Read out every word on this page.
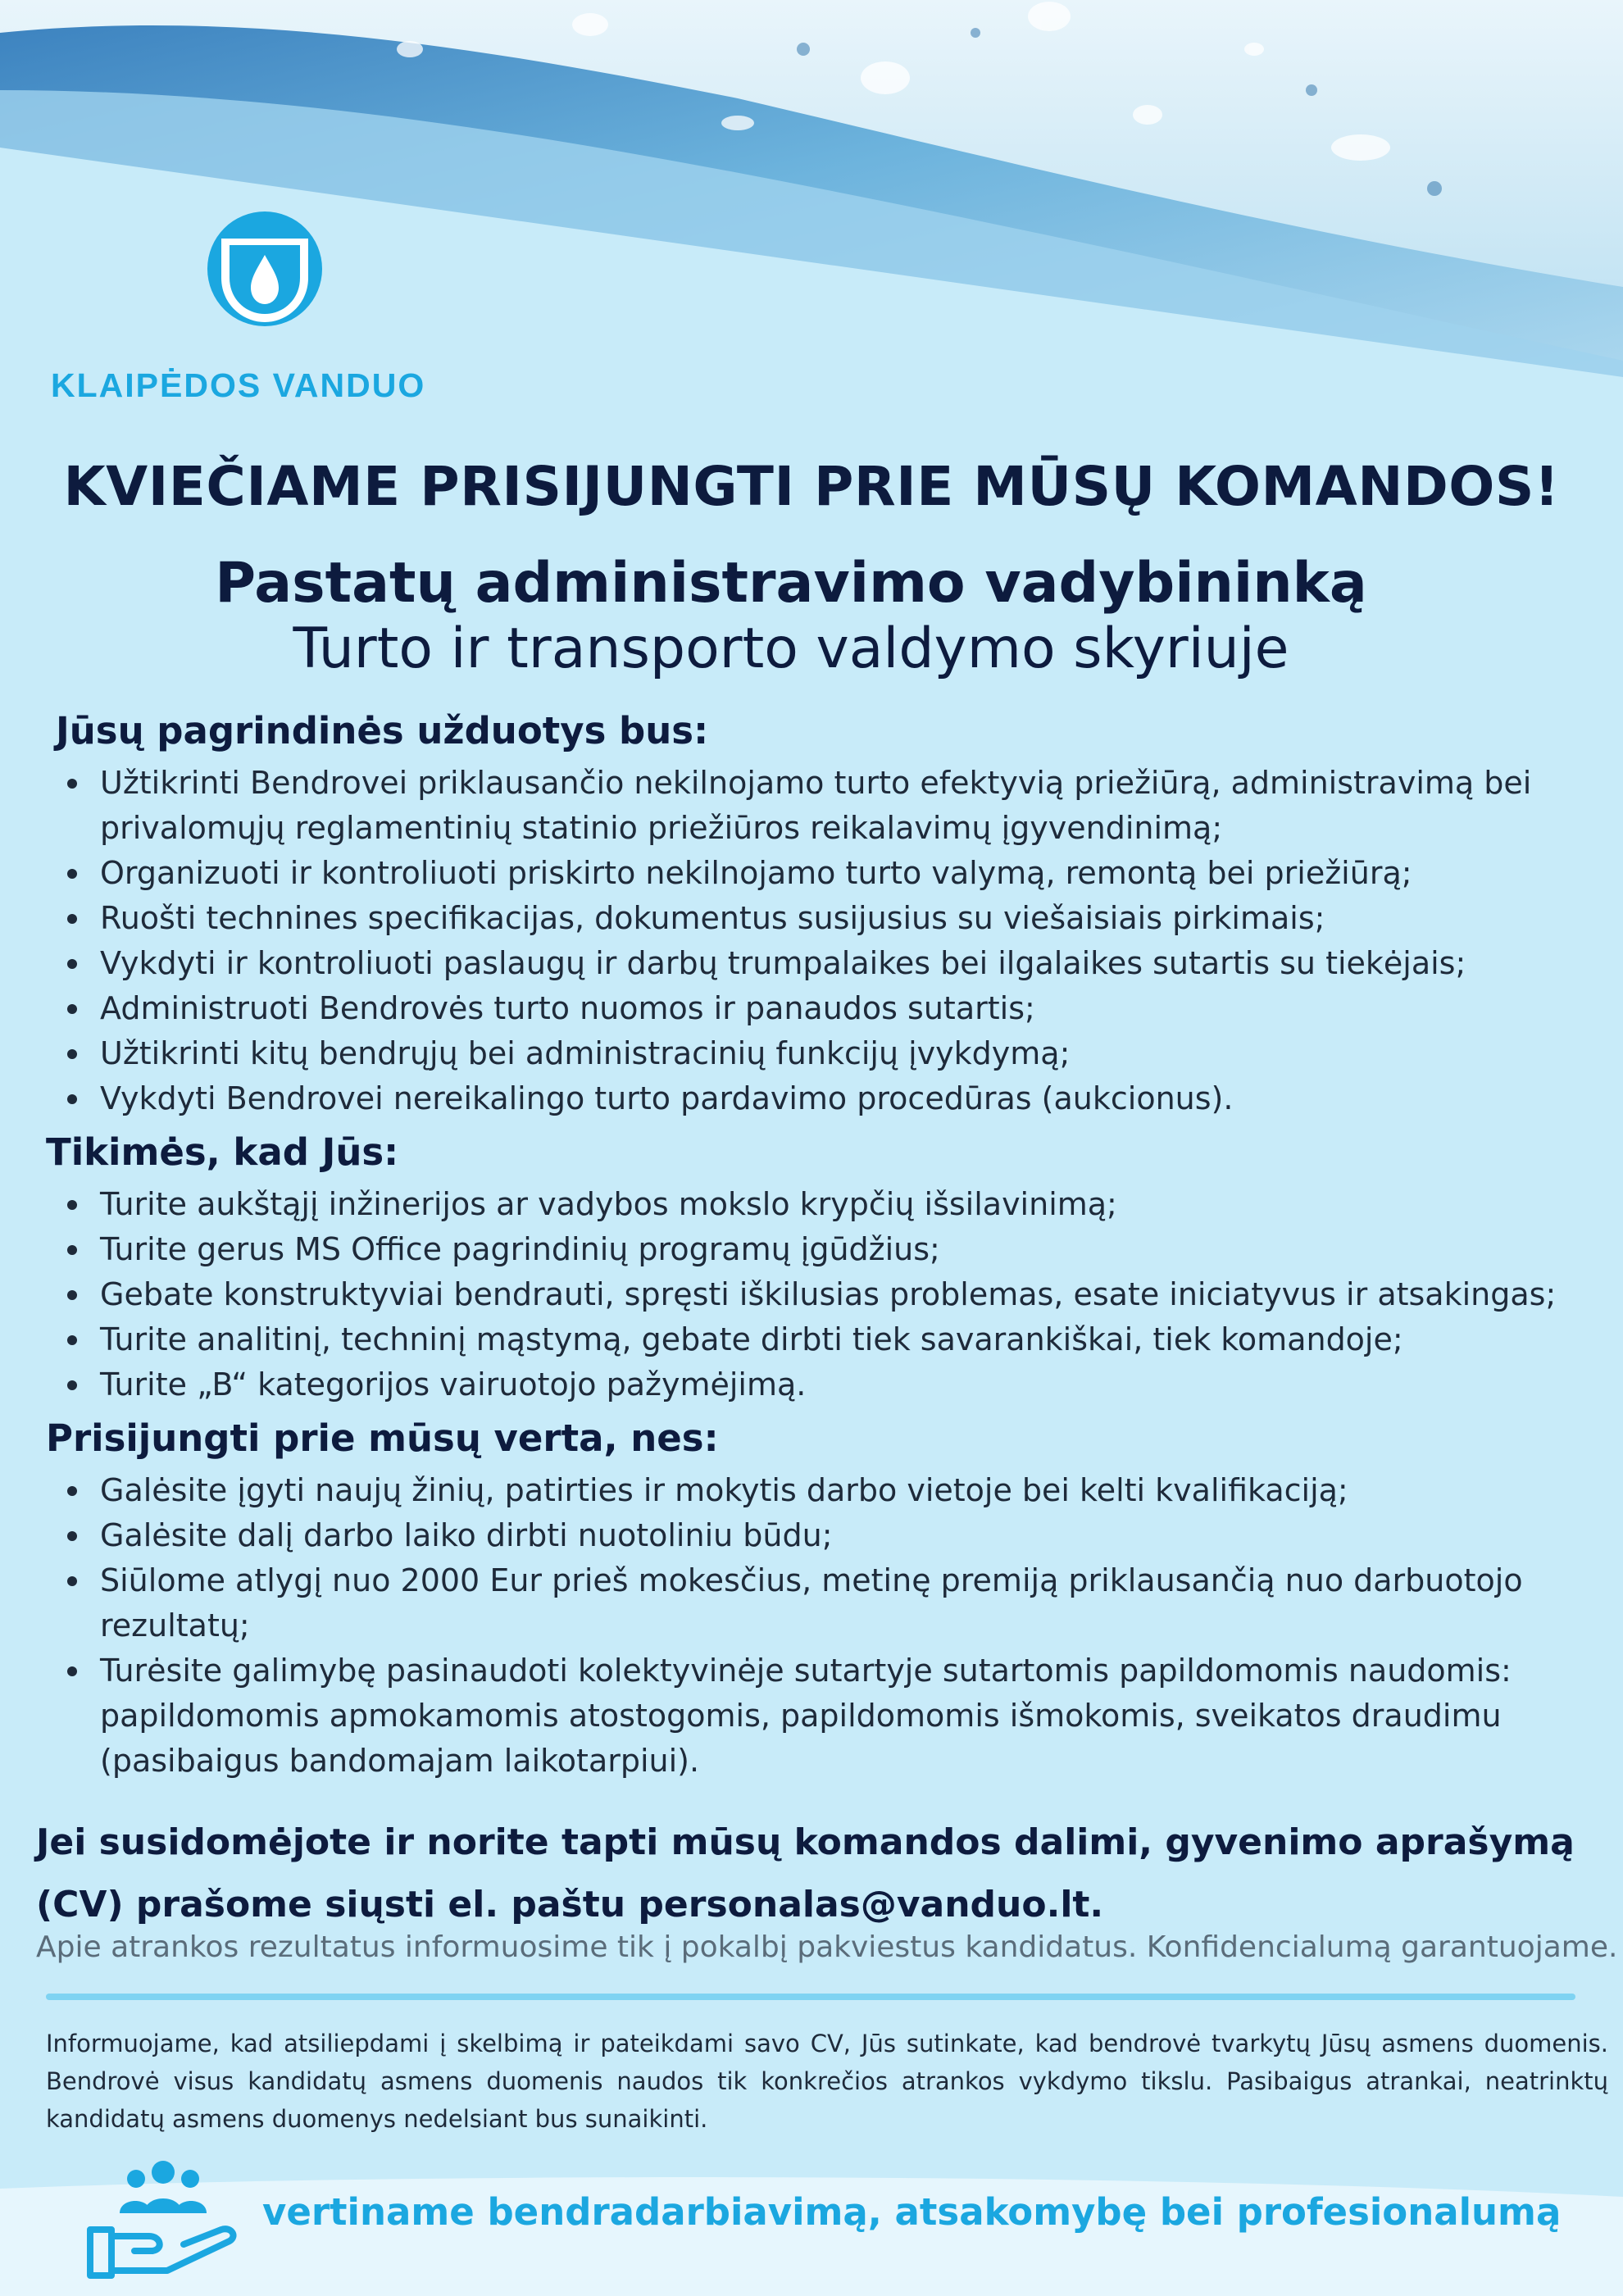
KLAIPĖDOS VANDUO
KVIEČIAME PRISIJUNGTI PRIE MŪSŲ KOMANDOS!
Pastatų administravimo vadybininką
Turto ir transporto valdymo skyriuje
Jūsų pagrindinės užduotys bus:
Užtikrinti Bendrovei priklausančio nekilnojamo turto efektyvią priežiūrą, administravimą bei privalomųjų reglamentinių statinio priežiūros reikalavimų įgyvendinimą;
Organizuoti ir kontroliuoti priskirto nekilnojamo turto valymą, remontą bei priežiūrą;
Ruošti technines specifikacijas, dokumentus susijusius su viešaisiais pirkimais;
Vykdyti ir kontroliuoti paslaugų ir darbų trumpalaikes bei ilgalaikes sutartis su tiekėjais;
Administruoti Bendrovės turto nuomos ir panaudos sutartis;
Užtikrinti kitų bendrųjų bei administracinių funkcijų įvykdymą;
Vykdyti Bendrovei nereikalingo turto pardavimo procedūras (aukcionus).
Tikimės, kad Jūs:
Turite aukštąjį inžinerijos ar vadybos mokslo krypčių išsilavinimą;
Turite gerus MS Office pagrindinių programų įgūdžius;
Gebate konstruktyviai bendrauti, spręsti iškilusias problemas, esate iniciatyvus ir atsakingas;
Turite analitinį, techninį mąstymą, gebate dirbti tiek savarankiškai, tiek komandoje;
Turite „B“ kategorijos vairuotojo pažymėjimą.
Prisijungti prie mūsų verta, nes:
Galėsite įgyti naujų žinių, patirties ir mokytis darbo vietoje bei kelti kvalifikaciją;
Galėsite dalį darbo laiko dirbti nuotoliniu būdu;
Siūlome atlygį nuo 2000 Eur prieš mokesčius, metinę premiją priklausančią nuo darbuotojo rezultatų;
Turėsite galimybę pasinaudoti kolektyvinėje sutartyje sutartomis papildomomis naudomis: papildomomis apmokamomis atostogomis, papildomomis išmokomis, sveikatos draudimu (pasibaigus bandomajam laikotarpiui).
Jei susidomėjote ir norite tapti mūsų komandos dalimi, gyvenimo aprašymą (CV) prašome siųsti el. paštu personalas@vanduo.lt.
Apie atrankos rezultatus informuosime tik į pokalbį pakviestus kandidatus. Konfidencialumą garantuojame.
Informuojame, kad atsiliepdami į skelbimą ir pateikdami savo CV, Jūs sutinkate, kad bendrovė tvarkytų Jūsų asmens duomenis. Bendrovė visus kandidatų asmens duomenis naudos tik konkrečios atrankos vykdymo tikslu. Pasibaigus atrankai, neatrinktų kandidatų asmens duomenys nedelsiant bus sunaikinti.
vertiname bendradarbiavimą, atsakomybę bei profesionalumą
